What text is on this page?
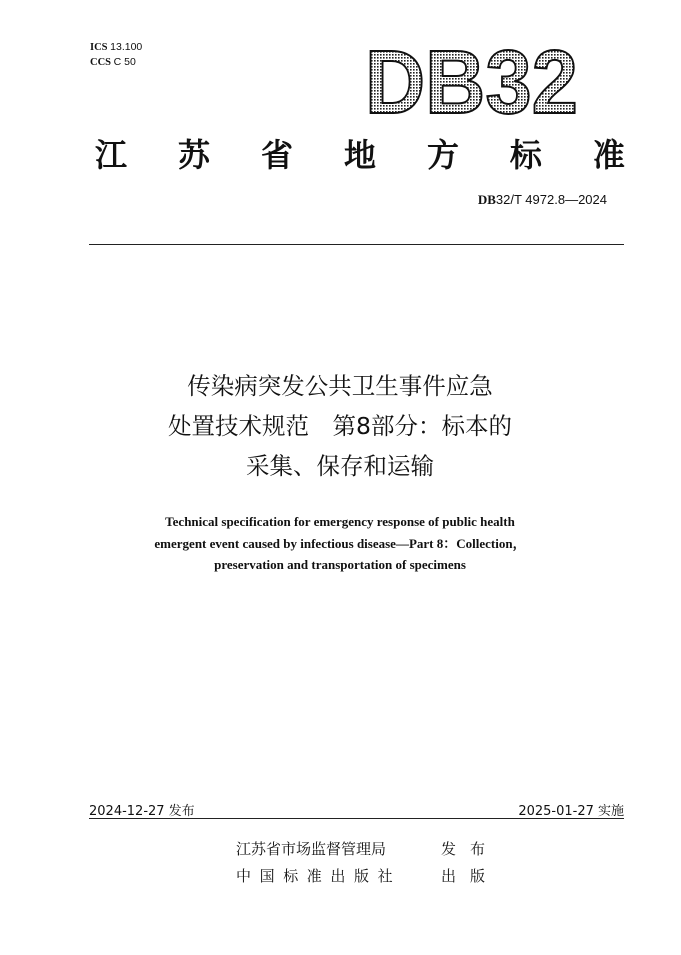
ICS 13.100
CCS C 50	DB32
江 苏 省 地 方 标 准
DB32/T 4972.8—2024
传染病突发公共卫生事件应急
处置技术规范　第8部分：标本的
采集、保存和运输
Technical specification for emergency response of public health
emergent event caused by infectious disease—Part 8：Collection，
preservation and transportation of specimens
2024-12-27 发布	2025-01-27 实施
江苏省市场监督管理局	发布
中国标准出版社	出版
